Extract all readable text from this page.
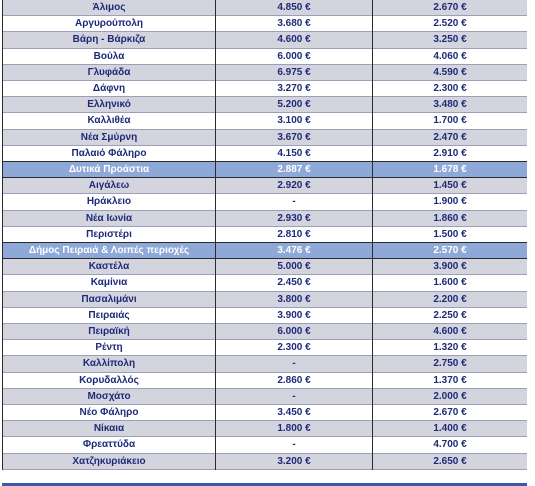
Άλιμος	4.850 €	2.670 €
Αργυρούπολη	3.680 €	2.520 €
Βάρη - Βάρκιζα	4.600 €	3.250 €
Βούλα	6.000 €	4.060 €
Γλυφάδα	6.975 €	4.590 €
Δάφνη	3.270 €	2.300 €
Ελληνικό	5.200 €	3.480 €
Καλλιθέα	3.100 €	1.700 €
Νέα Σμύρνη	3.670 €	2.470 €
Παλαιό Φάληρο	4.150 €	2.910 €
Δυτικά Προάστια	2.887 €	1.678 €
Αιγάλεω	2.920 €	1.450 €
Ηράκλειο	-	1.900 €
Νέα Ιωνία	2.930 €	1.860 €
Περιστέρι	2.810 €	1.500 €
Δήμος Πειραιά & Λοιπές περιοχές	3.476 €	2.570 €
Καστέλα	5.000 €	3.900 €
Καμίνια	2.450 €	1.600 €
Πασαλιμάνι	3.800 €	2.200 €
Πειραιάς	3.900 €	2.250 €
Πειραϊκή	6.000 €	4.600 €
Ρέντη	2.300 €	1.320 €
Καλλίπολη	-	2.750 €
Κορυδαλλός	2.860 €	1.370 €
Μοσχάτο	-	2.000 €
Νέο Φάληρο	3.450 €	2.670 €
Νίκαια	1.800 €	1.400 €
Φρεαττύδα	-	4.700 €
Χατζηκυριάκειο	3.200 €	2.650 €
